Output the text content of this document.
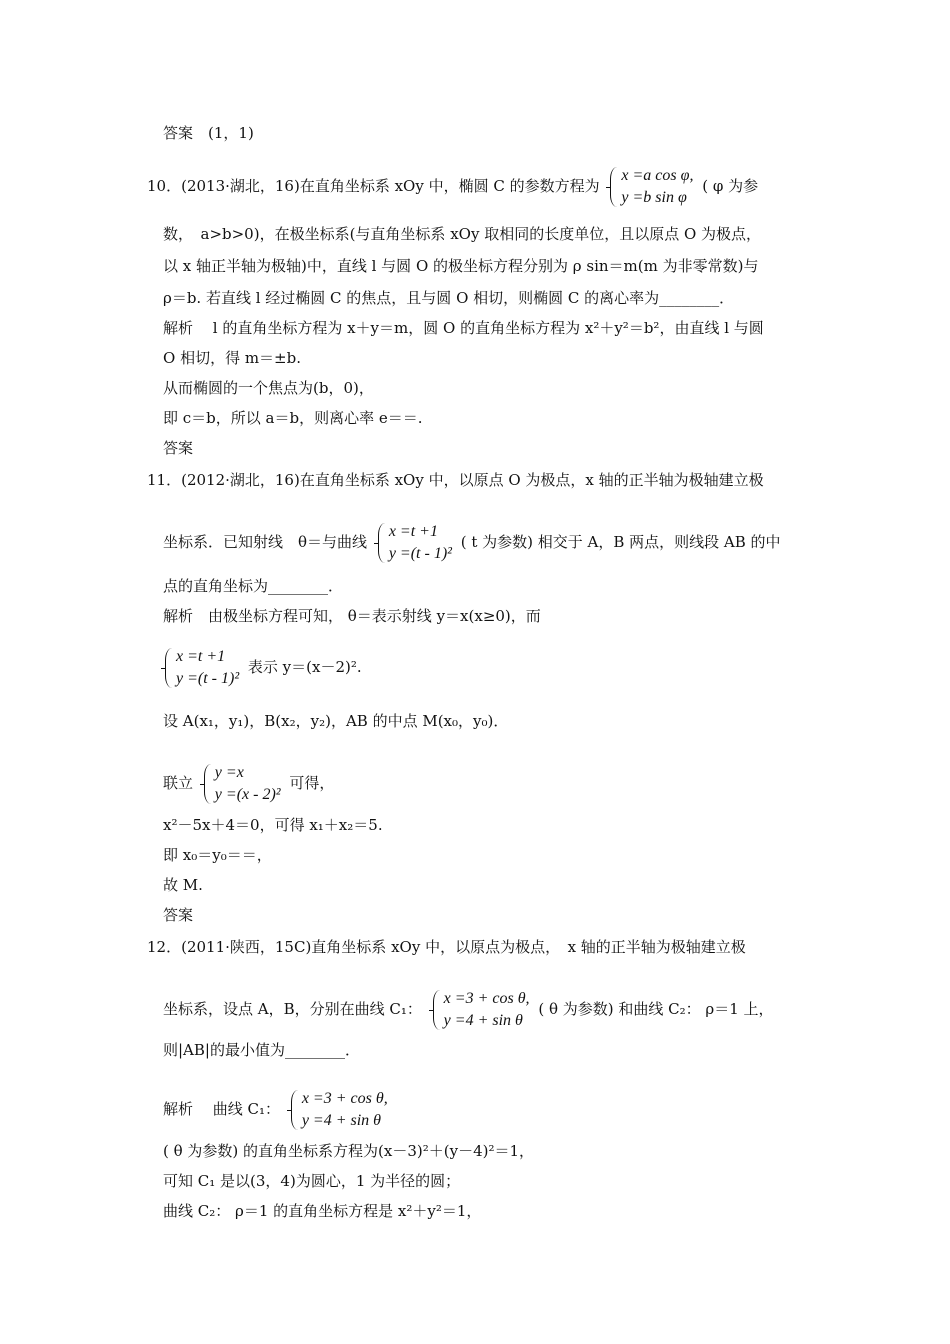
答案　(1，1)
10．(2013·湖北，16)在直角坐标系 xOy 中，椭圆 C 的参数方程为
x =a cos φ,
y =b sin φ
( φ 为参
数，　a>b>0)，在极坐标系(与直角坐标系 xOy 取相同的长度单位，且以原点 O 为极点，
以 x 轴正半轴为极轴)中，直线 l 与圆 O 的极坐标方程分别为 ρ sin＝m(m 为非零常数)与
ρ＝b. 若直线 l 经过椭圆 C 的焦点，且与圆 O 相切，则椭圆 C 的离心率为________．
解析　 l 的直角坐标方程为 x＋y＝m，圆 O 的直角坐标方程为 x²＋y²＝b²，由直线 l 与圆
O 相切，得 m＝±b.
从而椭圆的一个焦点为(b，0)，
即 c＝b，所以 a＝b，则离心率 e＝＝.
答案
11．(2012·湖北，16)在直角坐标系 xOy 中，以原点 O 为极点，x 轴的正半轴为极轴建立极
坐标系．已知射线　θ＝与曲线
x =t +1
y =(t - 1)²
( t 为参数) 相交于 A，B 两点，则线段 AB 的中
点的直角坐标为________．
解析　由极坐标方程可知， θ＝表示射线 y＝x(x≥0)，而
x =t +1
y =(t - 1)²
表示 y＝(x－2)².
设 A(x₁，y₁)，B(x₂，y₂)，AB 的中点 M(x₀，y₀)．
联立
y =x
y =(x - 2)²
可得，
x²－5x＋4＝0，可得 x₁＋x₂＝5.
即 x₀＝y₀＝＝，
故 M.
答案
12．(2011·陕西，15C)直角坐标系 xOy 中，以原点为极点，　x 轴的正半轴为极轴建立极
坐标系，设点 A，B，分别在曲线 C₁：
x =3 + cos θ,
y =4 + sin θ
( θ 为参数) 和曲线 C₂： ρ＝1 上，
则|AB|的最小值为________．
解析　 曲线 C₁：
x =3 + cos θ,
y =4 + sin θ
( θ 为参数) 的直角坐标系方程为(x－3)²＋(y－4)²＝1，
可知 C₁ 是以(3，4)为圆心，1 为半径的圆；
曲线 C₂： ρ＝1 的直角坐标方程是 x²＋y²＝1，
